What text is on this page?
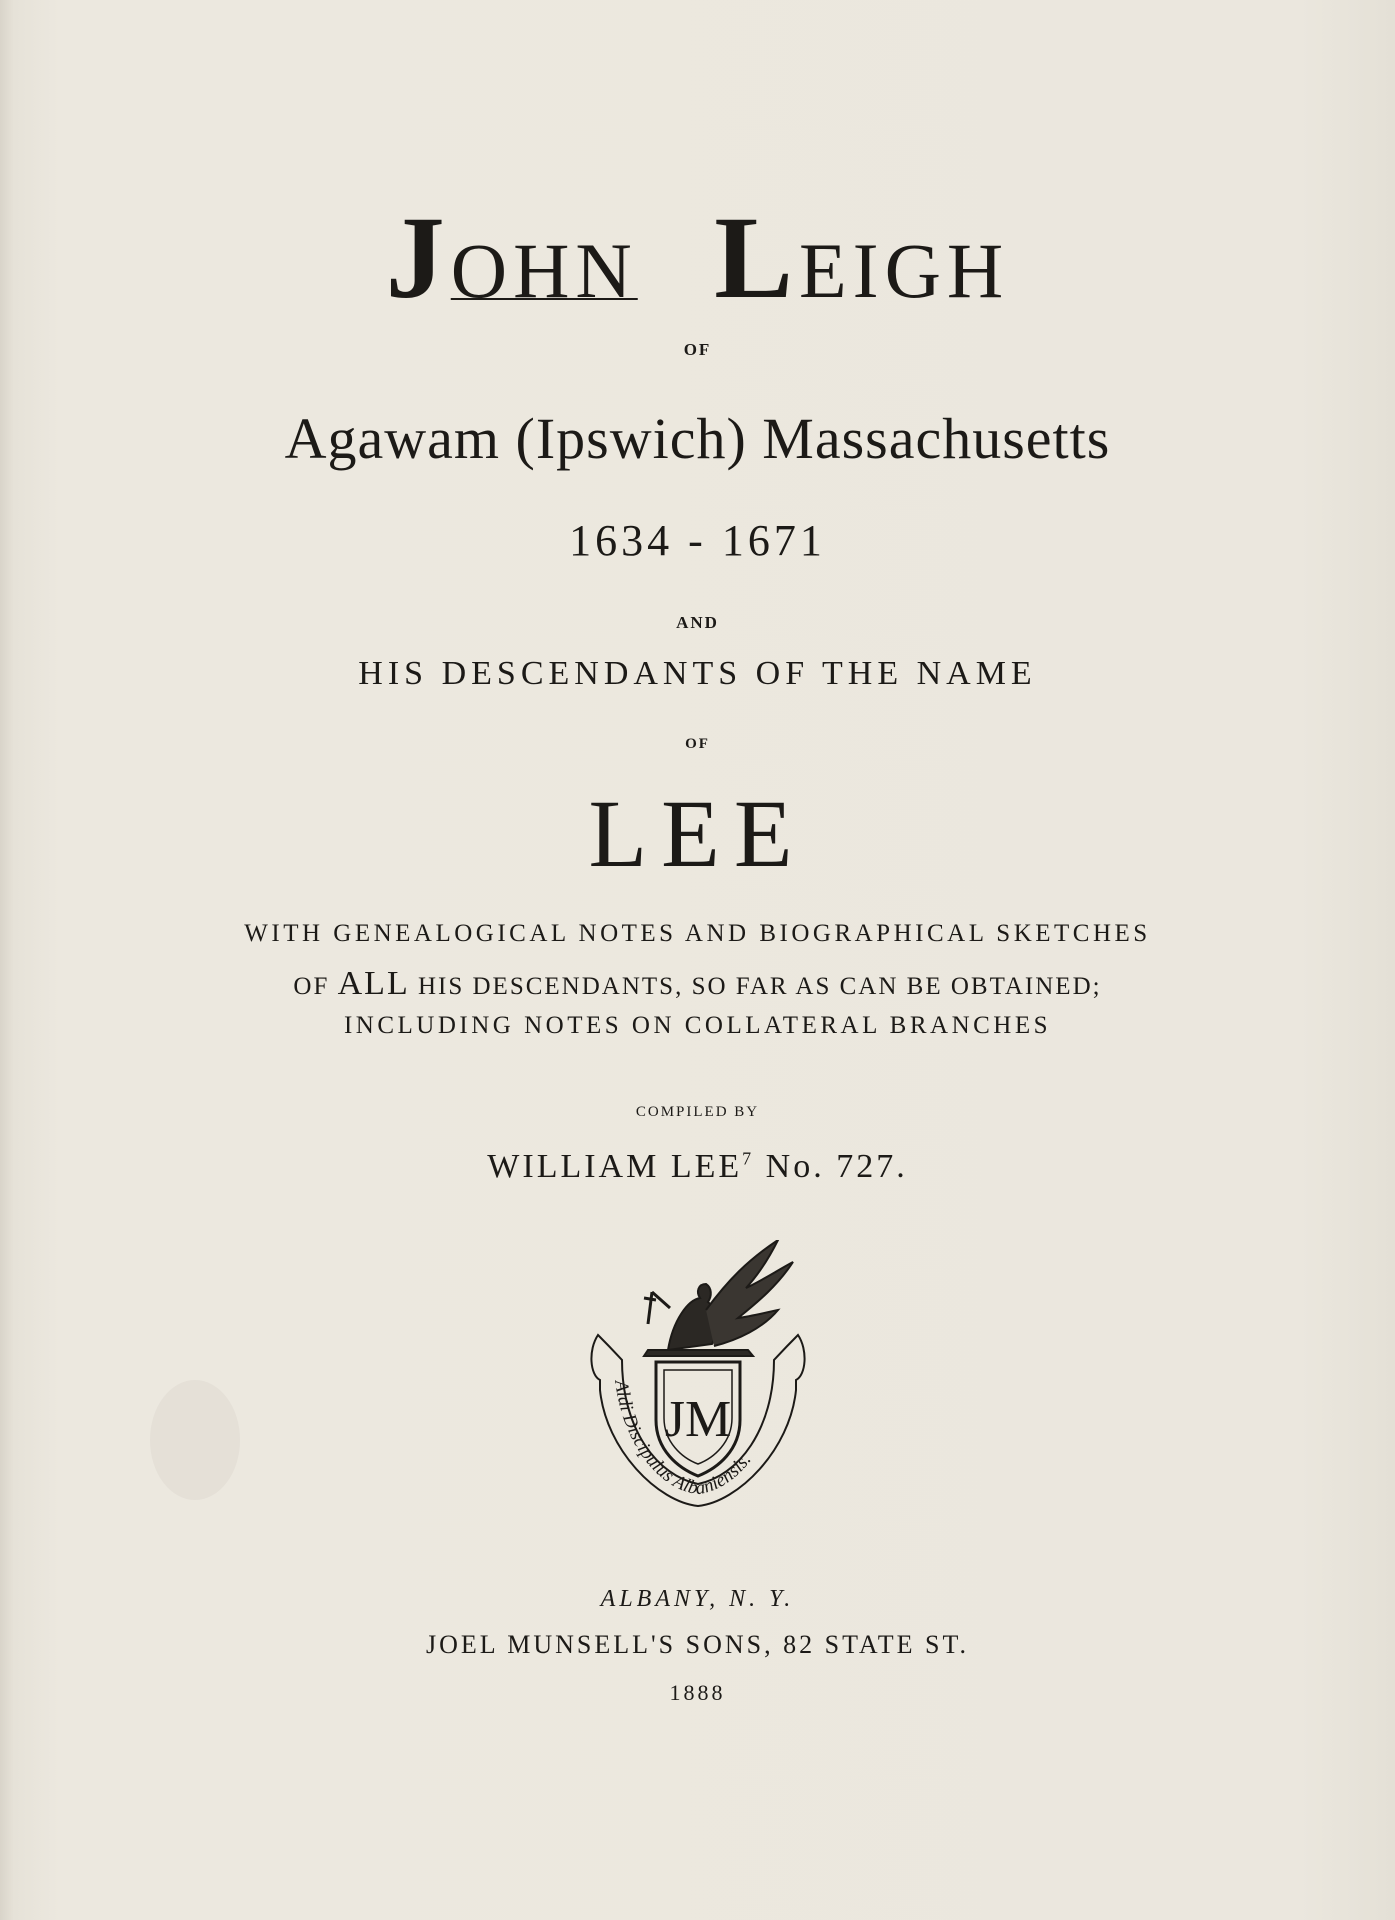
JOHN LEIGH
OF
Agawam (Ipswich) Massachusetts
1634 - 1671
AND
HIS DESCENDANTS OF THE NAME
OF
LEE
WITH GENEALOGICAL NOTES AND BIOGRAPHICAL SKETCHES
OF ALL HIS DESCENDANTS, SO FAR AS CAN BE OBTAINED;
INCLUDING NOTES ON COLLATERAL BRANCHES
COMPILED BY
WILLIAM LEE$^7$ No. 727.
JM
Aldi Discipulus Albaniensis.
ALBANY, N. Y.
JOEL MUNSELL'S SONS, 82 STATE ST.
1888
